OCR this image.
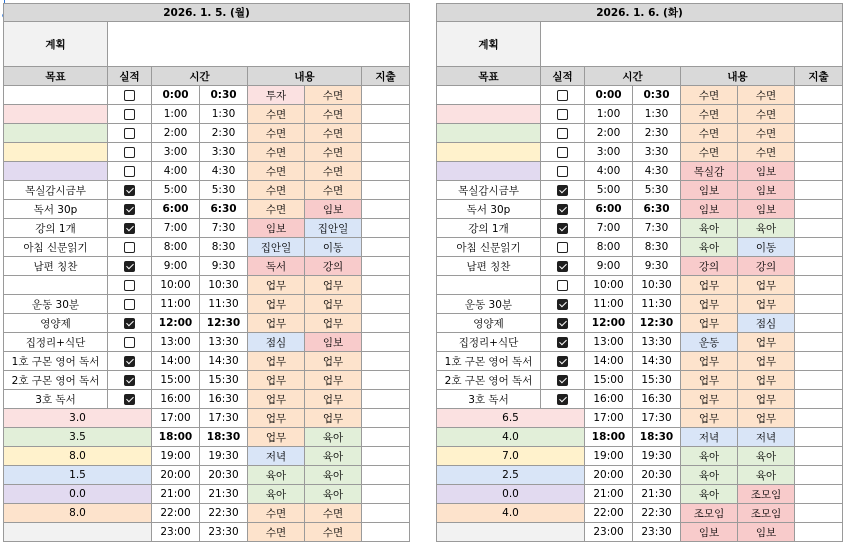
2026. 1. 5. (월)						
계획						
목표	실적	시간		내용		지출
		0:00	0:30	투자	수면	
		1:00	1:30	수면	수면	
		2:00	2:30	수면	수면	
		3:00	3:30	수면	수면	
		4:00	4:30	수면	수면	
목실감시금부		5:00	5:30	수면	수면	
독서 30p		6:00	6:30	수면	임보	
강의 1개		7:00	7:30	임보	집안일	
아침 신문읽기		8:00	8:30	집안일	이동	
남편 칭찬		9:00	9:30	독서	강의	
		10:00	10:30	업무	업무	
운동 30분		11:00	11:30	업무	업무	
영양제		12:00	12:30	업무	업무	
집정리+식단		13:00	13:30	점심	임보	
1호 구몬 영어 독서		14:00	14:30	업무	업무	
2호 구몬 영어 독서		15:00	15:30	업무	업무	
3호 독서		16:00	16:30	업무	업무	
3.0		17:00	17:30	업무	업무	
3.5		18:00	18:30	업무	육아	
8.0		19:00	19:30	저녁	육아	
1.5		20:00	20:30	육아	육아	
0.0		21:00	21:30	육아	육아	
8.0		22:00	22:30	수면	수면	
		23:00	23:30	수면	수면	
2026. 1. 6. (화)						
계획						
목표	실적	시간		내용		지출
		0:00	0:30	수면	수면	
		1:00	1:30	수면	수면	
		2:00	2:30	수면	수면	
		3:00	3:30	수면	수면	
		4:00	4:30	목실감	임보	
목실감시금부		5:00	5:30	임보	임보	
독서 30p		6:00	6:30	임보	임보	
강의 1개		7:00	7:30	육아	육아	
아침 신문읽기		8:00	8:30	육아	이동	
남편 칭찬		9:00	9:30	강의	강의	
		10:00	10:30	업무	업무	
운동 30분		11:00	11:30	업무	업무	
영양제		12:00	12:30	업무	점심	
집정리+식단		13:00	13:30	운동	업무	
1호 구몬 영어 독서		14:00	14:30	업무	업무	
2호 구몬 영어 독서		15:00	15:30	업무	업무	
3호 독서		16:00	16:30	업무	업무	
6.5		17:00	17:30	업무	업무	
4.0		18:00	18:30	저녁	저녁	
7.0		19:00	19:30	육아	육아	
2.5		20:00	20:30	육아	육아	
0.0		21:00	21:30	육아	조모임	
4.0		22:00	22:30	조모임	조모임	
		23:00	23:30	임보	임보	
